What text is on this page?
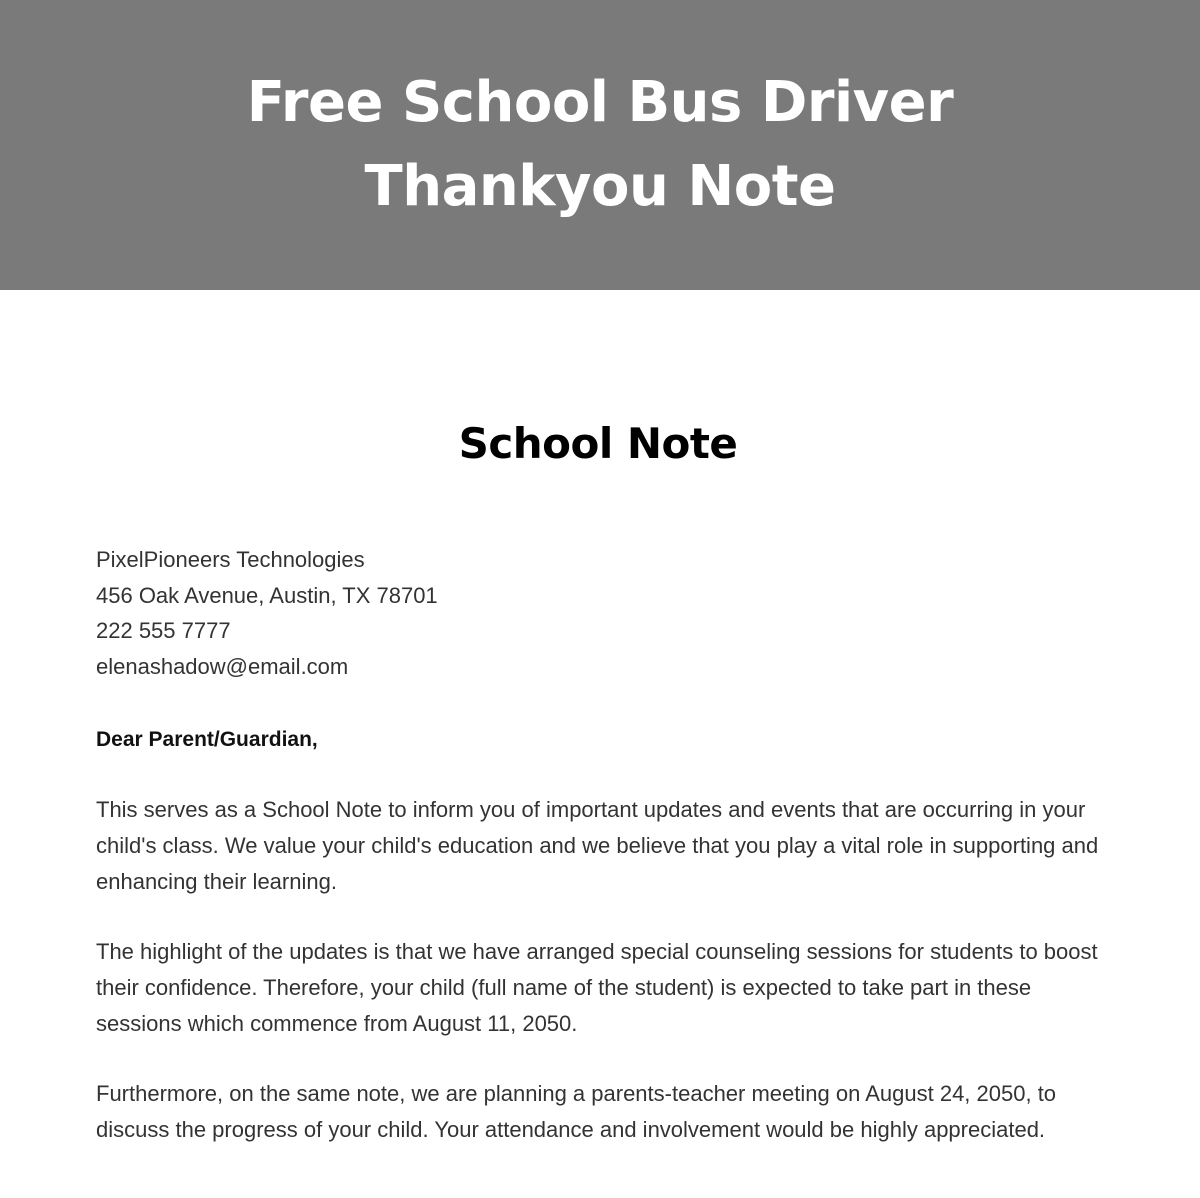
Free School Bus Driver Thankyou Note
School Note
PixelPioneers Technologies
456 Oak Avenue, Austin, TX 78701
222 555 7777
elenashadow@email.com
Dear Parent/Guardian,

This serves as a School Note to inform you of important updates and events that are occurring in your child's class. We value your child's education and we believe that you play a vital role in supporting and enhancing their learning.

The highlight of the updates is that we have arranged special counseling sessions for students to boost their confidence. Therefore, your child (full name of the student) is expected to take part in these sessions which commence from August 11, 2050.

Furthermore, on the same note, we are planning a parents-teacher meeting on August 24, 2050, to discuss the progress of your child. Your attendance and involvement would be highly appreciated.
